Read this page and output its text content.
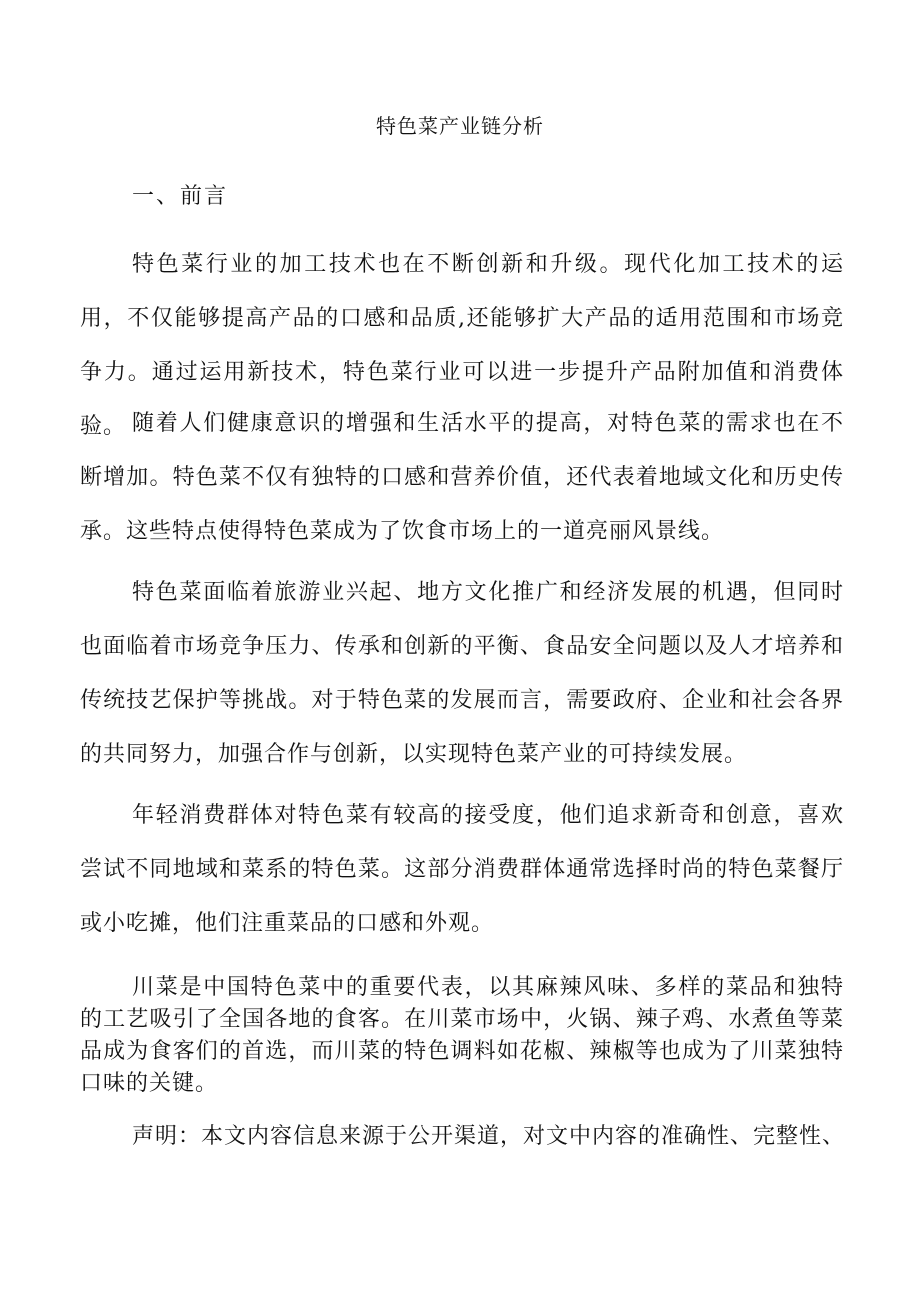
特色菜产业链分析
一、前言

特色菜行业的加工技术也在不断创新和升级。现代化加工技术的运用，不仅能够提高产品的口感和品质,还能够扩大产品的适用范围和市场竞争力。通过运用新技术，特色菜行业可以进一步提升产品附加值和消费体验。 随着人们健康意识的增强和生活水平的提高，对特色菜的需求也在不断增加。特色菜不仅有独特的口感和营养价值，还代表着地域文化和历史传承。这些特点使得特色菜成为了饮食市场上的一道亮丽风景线。

特色菜面临着旅游业兴起、地方文化推广和经济发展的机遇，但同时也面临着市场竞争压力、传承和创新的平衡、食品安全问题以及人才培养和传统技艺保护等挑战。对于特色菜的发展而言，需要政府、企业和社会各界的共同努力，加强合作与创新，以实现特色菜产业的可持续发展。

年轻消费群体对特色菜有较高的接受度，他们追求新奇和创意，喜欢尝试不同地域和菜系的特色菜。这部分消费群体通常选择时尚的特色菜餐厅或小吃摊，他们注重菜品的口感和外观。

川菜是中国特色菜中的重要代表，以其麻辣风味、多样的菜品和独特的工艺吸引了全国各地的食客。在川菜市场中，火锅、辣子鸡、水煮鱼等菜品成为食客们的首选，而川菜的特色调料如花椒、辣椒等也成为了川菜独特口味的关键。

声明：本文内容信息来源于公开渠道，对文中内容的准确性、完整性、
